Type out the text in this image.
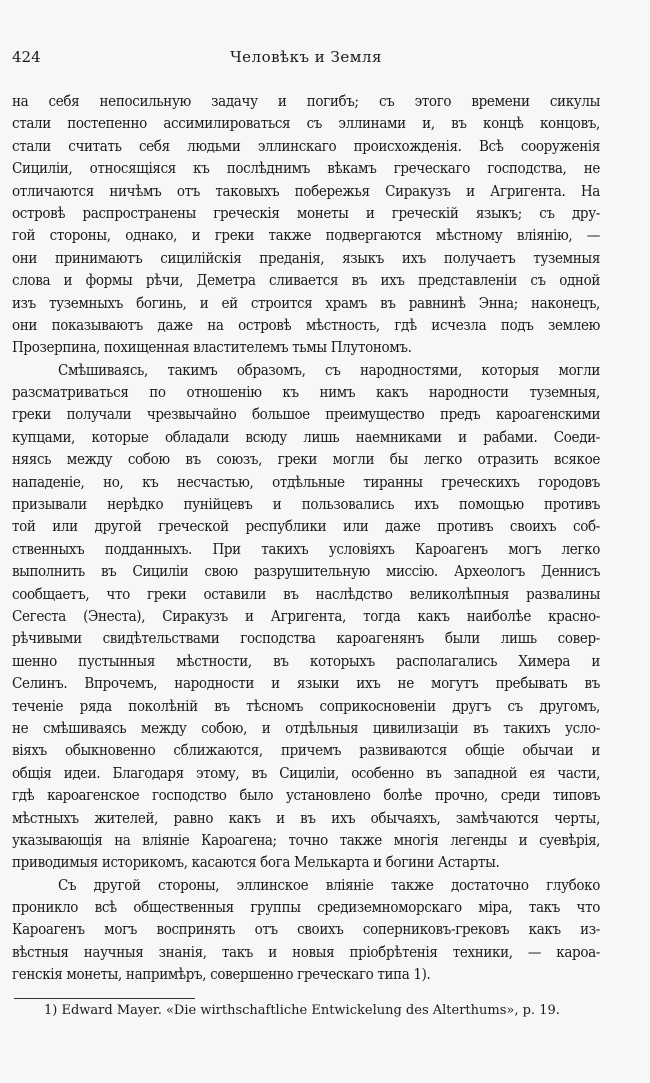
424	Человѣкъ и Земля
на себя непосильную задачу и погибъ; съ этого времени сикулы
стали постепенно ассимилироваться съ эллинами и, въ концѣ концовъ,
стали считать себя людьми эллинскаго происхожденія. Всѣ сооруженія
Сициліи, относящіяся къ послѣднимъ вѣкамъ греческаго господства, не
отличаются ничѣмъ отъ таковыхъ побережья Сиракузъ и Агригента. На
островѣ распространены греческія монеты и греческій языкъ; съ дру-
гой стороны, однако, и греки также подвергаются мѣстному вліянію, —
они принимаютъ сицилійскія преданія, языкъ ихъ получаетъ туземныя
слова и формы рѣчи, Деметра сливается въ ихъ представленіи съ одной
изъ туземныхъ богинь, и ей строится храмъ въ равнинѣ Энна; наконецъ,
они показываютъ даже на островѣ мѣстность, гдѣ исчезла подъ землею
Прозерпина, похищенная властителемъ тьмы Плутономъ.
Смѣшиваясь, такимъ образомъ, съ народностями, которыя могли
разсматриваться по отношенію къ нимъ какъ народности туземныя,
греки получали чрезвычайно большое преимущество предъ кароагенскими
купцами, которые обладали всюду лишь наемниками и рабами. Соеди-
няясь между собою въ союзъ, греки могли бы легко отразить всякое
нападеніе, но, къ несчастью, отдѣльные тиранны греческихъ городовъ
призывали нерѣдко пунійцевъ и пользовались ихъ помощью противъ
той или другой греческой республики или даже противъ своихъ соб-
ственныхъ подданныхъ. При такихъ условіяхъ Кароагенъ могъ легко
выполнить въ Сициліи свою разрушительную миссію. Археологъ Деннисъ
сообщаетъ, что греки оставили въ наслѣдство великолѣпныя развалины
Сегеста (Энеста), Сиракузъ и Агригента, тогда какъ наиболѣе красно-
рѣчивыми свидѣтельствами господства кароагенянъ были лишь совер-
шенно пустынныя мѣстности, въ которыхъ располагались Химера и
Селинъ. Впрочемъ, народности и языки ихъ не могутъ пребывать въ
теченіе ряда поколѣній въ тѣсномъ соприкосновеніи другъ съ другомъ,
не смѣшиваясь между собою, и отдѣльныя цивилизаціи въ такихъ усло-
віяхъ обыкновенно сближаются, причемъ развиваются общіе обычаи и
общія идеи. Благодаря этому, въ Сициліи, особенно въ западной ея части,
гдѣ кароагенское господство было установлено болѣе прочно, среди типовъ
мѣстныхъ жителей, равно какъ и въ ихъ обычаяхъ, замѣчаются черты,
указывающія на вліяніе Кароагена; точно также многія легенды и суевѣрія,
приводимыя историкомъ, касаются бога Мелькарта и богини Астарты.
Съ другой стороны, эллинское вліяніе также достаточно глубоко
проникло всѣ общественныя группы средиземноморскаго міра, такъ что
Кароагенъ могъ воспринять отъ своихъ соперниковъ-грековъ какъ из-
вѣстныя научныя знанія, такъ и новыя пріобрѣтенія техники, — кароа-
генскія монеты, напримѣръ, совершенно греческаго типа 1).
1) Edward Mayer. «Die wirthschaftliche Entwickelung des Alterthums», p. 19.
